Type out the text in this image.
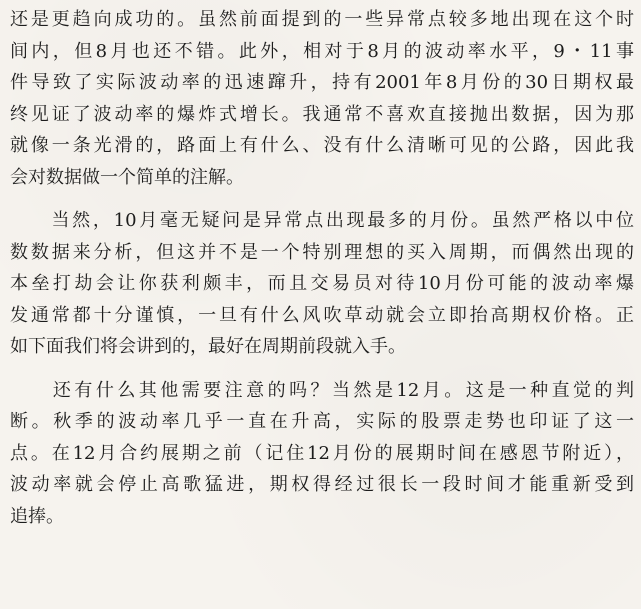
还是更趋向成功的。虽然前面提到的一些异常点较多地出现在这个时
间内，但8月也还不错。此外，相对于8月的波动率水平，9・11事
件导致了实际波动率的迅速蹿升，持有2001年8月份的30日期权最
终见证了波动率的爆炸式增长。我通常不喜欢直接抛出数据，因为那
就像一条光滑的，路面上有什么、没有什么清晰可见的公路，因此我
会对数据做一个简单的注解。
　　当然，10月毫无疑问是异常点出现最多的月份。虽然严格以中位
数数据来分析，但这并不是一个特别理想的买入周期，而偶然出现的
本垒打劫会让你获利颇丰，而且交易员对待10月份可能的波动率爆
发通常都十分谨慎，一旦有什么风吹草动就会立即抬高期权价格。正
如下面我们将会讲到的，最好在周期前段就入手。
　　还有什么其他需要注意的吗？当然是12月。这是一种直觉的判
断。秋季的波动率几乎一直在升高，实际的股票走势也印证了这一
点。在12月合约展期之前（记住12月份的展期时间在感恩节附近），
波动率就会停止高歌猛进，期权得经过很长一段时间才能重新受到
追捧。
